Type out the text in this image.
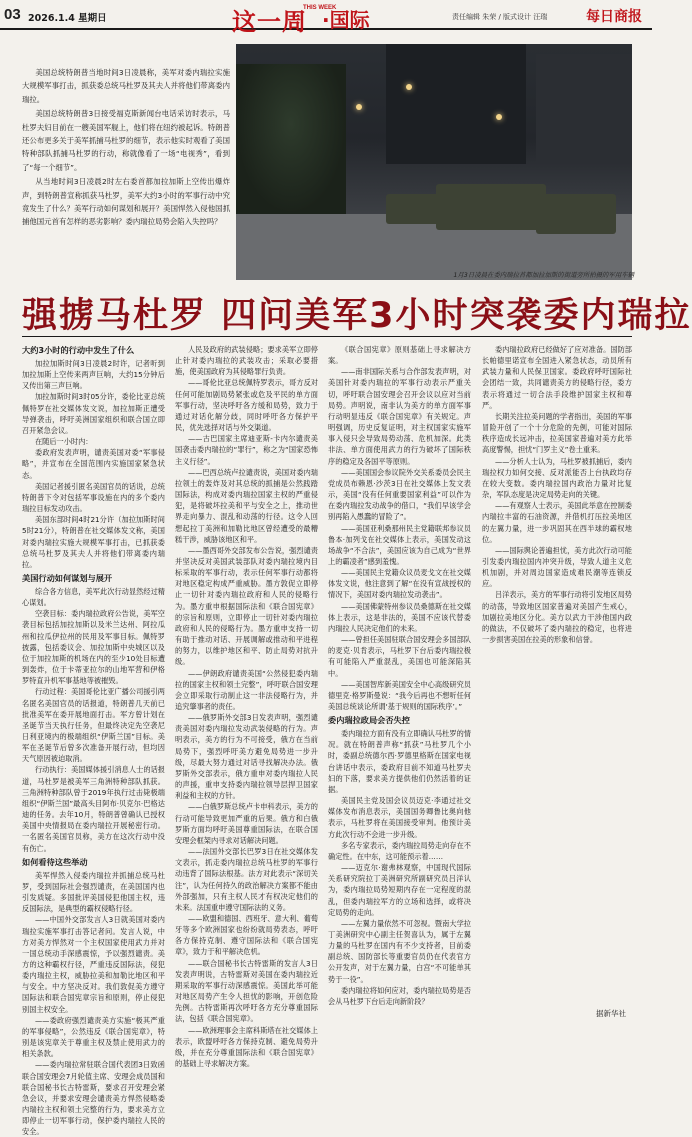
03 2026.1.4 星期日	这一周
THIS WEEK
·国际	责任编辑 朱荣 / 版式设计 汪瑞	每日商报

美国总统特朗普当地时间3日凌晨称，美军对委内瑞拉实施大规模军事打击，抓获委总统马杜罗及其夫人并将他们带离委内瑞拉。

美国总统特朗普3日接受福克斯新闻台电话采访时表示，马杜罗夫妇目前在一艘美国军舰上，他们将在纽约被起诉。特朗普还公布更多关于美军抓捕马杜罗的细节，表示他实时观看了美国特种部队抓捕马杜罗的行动，称就像看了一场“电视秀”，看到了“每一个细节”。

从当地时间3日凌晨2时左右委首都加拉加斯上空传出爆炸声，到特朗普宣称抓获马杜罗，美军大约3小时的军事行动中究竟发生了什么？美军行动如何谋划和展开？美国悍然入侵他国抓捕他国元首有怎样的恶劣影响？委内瑞拉局势会陷入失控吗？

1月3日凌晨在委内瑞拉首都加拉加斯的街道旁所拍摄的军用车辆
强掳马杜罗 四问美军3小时突袭委内瑞拉
大约3小时的行动中发生了什么

加拉加斯时间3日凌晨2时许，记者听到加拉加斯上空传来两声巨响，大约15分钟后又传出第三声巨响。

加拉加斯时间3时05分许，委伦比亚总统佩特罗在社交媒体发文说，加拉加斯正遭受导弹袭击，呼吁美洲国家组织和联合国立即召开紧急会议。

在随后一小时内：

委政府发表声明，谴责美国对委“军事侵略”，并宣布在全国范围内实施国家紧急状态。

美国记者援引匿名美国官员的话说，总统特朗普下令对包括军事设施在内的多个委内瑞拉目标发动攻击。

美国东部时间4时21分许（加拉加斯时间5时21分），特朗普在社交媒体发文称，美国对委内瑞拉实施大规模军事打击，已抓获委总统马杜罗及其夫人并将他们带离委内瑞拉。

美国行动如何谋划与展开

综合各方信息，美军此次行动显然经过精心谋划。

空袭目标：委内瑞拉政府公告说，美军空袭目标包括加拉加斯以及米兰达州、阿拉瓜州和拉瓜伊拉州的民用及军事目标。佩特罗披露，包括委议会、加拉加斯中央城区以及位于加拉加斯的机场在内的至少10处目标遭到轰炸，位于卡蒂亚拉尔的山地军营和伊格罗特直升机军事基地等被摧毁。

行动过程：美国哥伦比亚广播公司援引两名匿名美国官员的话报道，特朗普几天前已批准美军在委开展地面打击。军方曾计划在圣诞节当天执行任务，但最终决定先空袭尼日利亚境内的极端组织“伊斯兰国”目标。美军在圣诞节后曾多次准备开展行动，但均因天气原因被迫取消。

行动执行：美国媒体援引消息人士的话报道，马杜罗是被美军三角洲特种部队抓获。三角洲特种部队曾于2019年执行过击毙极端组织“伊斯兰国”最高头目阿布·贝克尔·巴格达迪的任务。去年10月，特朗普曾确认已授权美国中央情报局在委内瑞拉开展秘密行动。一名匿名美国官员称，美方在这次行动中没有伤亡。

如何看待这些举动

美军悍然入侵委内瑞拉并抓捕总统马杜罗，受到国际社会强烈谴责，在美国国内也引发质疑。多国批评美国侵犯他国主权，违反国际法，是典型的霸权侵略行径。

——中国外交部发言人3日就美国对委内瑞拉实施军事打击答记者问。发言人说，中方对美方悍然对一个主权国家使用武力并对一国总统动手深感震惊，予以强烈谴责。美方的这种霸权行径，严重违反国际法，侵犯委内瑞拉主权，威胁拉美和加勒比地区和平与安全。中方坚决反对。我们敦促美方遵守国际法和联合国宪章宗旨和原则，停止侵犯别国主权安全。

——委政府强烈谴责美方实施“极其严重的军事侵略”，公然违反《联合国宪章》，特别是该宪章关于尊重主权及禁止使用武力的相关条款。

——委内瑞拉常驻联合国代表团3日致函联合国安理会7月轮值主席、安理会成员国和联合国秘书长古特雷斯，要求召开安理会紧急会议，并要求安理会谴责美方悍然侵略委内瑞拉主权和领土完整的行为，要求美方立即停止一切军事行动，保护委内瑞拉人民的安全。

人民及政府的武装侵略；要求美军立即停止针对委内瑞拉的武装攻击；采取必要措施，使美国政府为其侵略罪行负责。

——哥伦比亚总统佩特罗表示，哥方反对任何可能加剧局势紧张或危及平民的单方面军事行动，坚决呼吁各方缓和局势，致力于通过对话化解分歧，同时呼吁各方保护平民，优先选择对话与外交渠道。

——古巴国家主席迪亚斯-卡内尔谴责美国袭击委内瑞拉的“罪行”，称之为“国家恐怖主义行径”。

——巴西总统卢拉谴责说，美国对委内瑞拉领土的轰炸及对其总统的抓捕是公然践踏国际法，构成对委内瑞拉国家主权的严重侵犯，是将破坏拉美和平与安全之上，推动世界走向暴力、混乱和动荡的行径。这令人回想起拉丁美洲和加勒比地区曾经遭受的最糟糕干涉，威胁该地区和平。

——墨西哥外交部发布公告说，强烈谴责并坚决反对美国武装部队对委内瑞拉境内目标采取的军事行动，表示任何军事行动都将对地区稳定构成严重威胁。墨方敦促立即停止一切针对委内瑞拉政府和人民的侵略行为。墨方重申根据国际法和《联合国宪章》的宗旨和原则，立即停止一切针对委内瑞拉政府和人民的侵略行为。墨方重申支持一切有助于推动对话、开展调解或推动和平进程的努力，以维护地区和平、防止局势对抗升级。

——伊朗政府谴责美国“公然侵犯委内瑞拉的国家主权和领土完整”，呼吁联合国安理会立即采取行动制止这一非法侵略行为，并追究肇事者的责任。

——俄罗斯外交部3日发表声明，强烈谴责美国对委内瑞拉发动武装侵略的行为。声明表示，美方的行为不可接受，俄方在当前局势下，强烈呼吁美方避免局势进一步升级，尽最大努力通过对话寻找解决办法。俄罗斯外交部表示，俄方重申对委内瑞拉人民的声援，重申支持委内瑞拉领导层捍卫国家利益和主权的方针。

——白俄罗斯总统卢卡申科表示，美方的行动可能导致更加严重的后果。俄方和白俄罗斯方面均呼吁美国尊重国际法，在联合国安理会框架内寻求对话解决问题。

——法国外交部长巴罗3日在社交媒体发文表示，抓走委内瑞拉总统马杜罗的军事行动违背了国际法根基。法方对此表示“深切关注”，认为任何持久的政治解决方案都不能由外部强加，只有主权人民才有权决定他们的未来。法国重申遵守国际法的义务。

——欧盟和德国、西班牙、意大利、葡萄牙等多个欧洲国家也纷纷就局势表态，呼吁各方保持克制、遵守国际法和《联合国宪章》，致力于和平解决危机。

——联合国秘书长古特雷斯的发言人3日发表声明说，古特雷斯对美国在委内瑞拉近期采取的军事行动深感震惊。美国此举可能对地区局势产生令人担忧的影响，开创危险先例。古特雷斯再次呼吁各方充分尊重国际法，包括《联合国宪章》。

——欧洲理事会主席科斯塔在社交媒体上表示，欧盟呼吁各方保持克制、避免局势升级，并在充分尊重国际法和《联合国宪章》的基础上寻求解决方案。

《联合国宪章》原则基础上寻求解决方案。

——南非国际关系与合作部发表声明，对美国针对委内瑞拉的军事行动表示严重关切，呼吁联合国安理会召开会议以应对当前局势。声明说，南非认为美方的单方面军事行动明显违反《联合国宪章》有关规定。声明强调，历史反复证明，对主权国家实施军事入侵只会导致局势动荡、危机加深。此类非法、单方面使用武力的行为破坏了国际秩序的稳定及各国平等原则。

——美国国会参议院外交关系委员会民主党成员布赖恩·沙茨3日在社交媒体上发文表示，美国“没有任何重要国家利益”可以作为在委内瑞拉发动战争的借口，“我们早该学会别再陷入愚蠢的冒险了”。

——美国亚利桑那州民主党籍联邦参议员鲁本·加列戈在社交媒体上表示，美国发动这场战争“不合法”，美国应该为自己成为“世界上的霸凌者”感到羞愧。

——美国民主党籍众议员麦戈文在社交媒体发文说，他注意到了解“在没有宣战授权的情况下，美国对委内瑞拉发动袭击”。

——美国佛蒙特州参议员桑德斯在社交媒体上表示，这是非法的，美国不应该代替委内瑞拉人民决定他们的未来。

——曾担任美国驻联合国安理会多国部队的麦克·贝肯表示，马杜罗下台后委内瑞拉极有可能陷入严重混乱，美国也可能深陷其中。

——美国智库新美国安全中心高级研究员德里克·格罗斯曼说：“我今后再也不想听任何美国总统谈论所谓‘基于规则的国际秩序’。”

委内瑞拉政局会否失控

委内瑞拉方面有没有立即确认马杜罗的情况。就在特朗普声称“抓获”马杜罗几个小时，委副总统德尔西·罗德里格斯在国家电视台讲话中表示，委政府目前不知道马杜罗夫妇的下落，要求美方提供他们仍然活着的证据。

美国民主党及国会议员迈克·李通过社交媒体发布消息表示，美国国务卿鲁比奥向他表示，马杜罗将在美国接受审判。他预计美方此次行动不会进一步升级。

多名专家表示，委内瑞拉局势走向存在不确定性。在中东，这可能预示着……

——迈克尔·谢弗林观察，中国现代国际关系研究院拉丁美洲研究所副研究员吕洋认为，委内瑞拉局势短期内存在一定程度的混乱，但委内瑞拉军方的立场和选择，或将决定局势的走向。

——左翼力量依然不可忽视。暨南大学拉丁美洲研究中心副主任贺喜认为，属于左翼力量的马杜罗在国内有不少支持者，目前委副总统、国防部长等重要官员仍在代表官方公开发声，对于左翼力量，白宫“不可能单其势于一役”。

委内瑞拉将如何应对，委内瑞拉局势是否会从马杜罗下台后走向新阶段？

委内瑞拉政府已经做好了应对准备。国防部长帕德里诺宣布全国进入紧急状态，动员所有武装力量和人民保卫国家。委政府呼吁国际社会团结一致，共同谴责美方的侵略行径，委方表示将通过一切合法手段维护国家主权和尊严。

长期关注拉美问题的学者指出，美国的军事冒险开创了一个十分危险的先例，可能对国际秩序造成长远冲击，拉美国家普遍对美方此举高度警惕，担忧“门罗主义”卷土重来。

——分析人士认为，马杜罗被抓捕后，委内瑞拉权力如何交接、反对派能否上台执政均存在较大变数。委内瑞拉国内政治力量对比复杂，军队态度是决定局势走向的关键。

——有观察人士表示，美国此举意在控制委内瑞拉丰富的石油资源，并借机打压拉美地区的左翼力量，进一步巩固其在西半球的霸权地位。

——国际舆论普遍担忧，美方此次行动可能引发委内瑞拉国内冲突升级，导致人道主义危机加剧，并对周边国家造成难民潮等连锁反应。

吕洋表示，美方的军事行动将引发地区局势的动荡，导致地区国家普遍对美国产生戒心，加剧拉美地区分化。美方以武力干涉他国内政的做法，不仅破坏了委内瑞拉的稳定，也将进一步损害美国在拉美的形象和信誉。

据新华社
